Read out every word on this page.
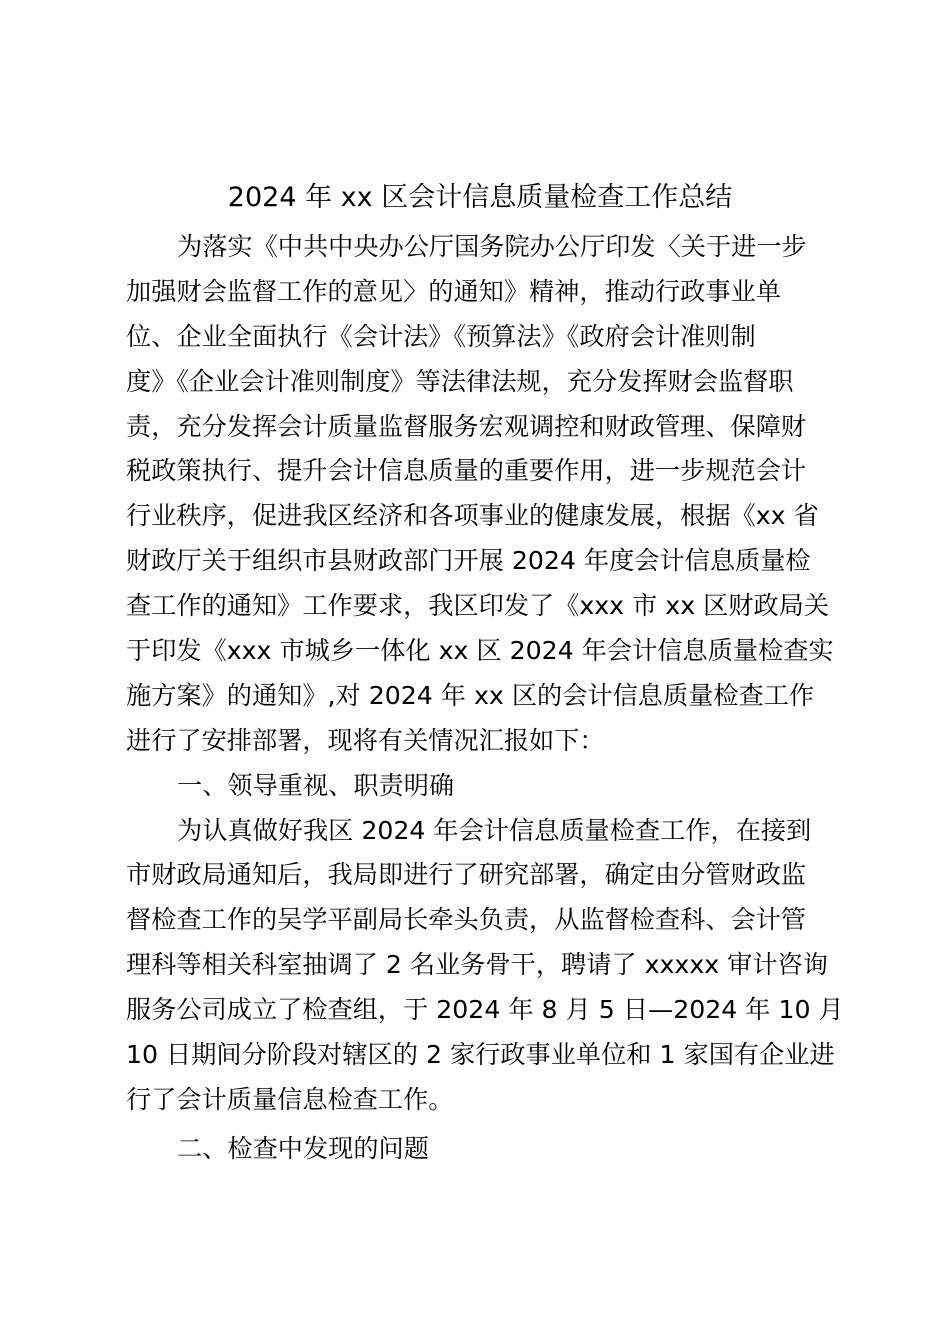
2024 年 xx 区会计信息质量检查工作总结
为落实《中共中央办公厅国务院办公厅印发〈关于进一步
加强财会监督工作的意见〉的通知》精神，推动行政事业单
位、企业全面执行《会计法》《预算法》《政府会计准则制
度》《企业会计准则制度》等法律法规，充分发挥财会监督职
责，充分发挥会计质量监督服务宏观调控和财政管理、保障财
税政策执行、提升会计信息质量的重要作用，进一步规范会计
行业秩序，促进我区经济和各项事业的健康发展，根据《xx 省
财政厅关于组织市县财政部门开展 2024 年度会计信息质量检
查工作的通知》工作要求，我区印发了《xxx 市 xx 区财政局关
于印发《xxx 市城乡一体化 xx 区 2024 年会计信息质量检查实
施方案》的通知》,对 2024 年 xx 区的会计信息质量检查工作
进行了安排部署，现将有关情况汇报如下：
一、领导重视、职责明确
为认真做好我区 2024 年会计信息质量检查工作，在接到
市财政局通知后，我局即进行了研究部署，确定由分管财政监
督检查工作的吴学平副局长牵头负责，从监督检查科、会计管
理科等相关科室抽调了 2 名业务骨干，聘请了 xxxxx 审计咨询
服务公司成立了检查组，于 2024 年 8 月 5 日—2024 年 10 月
10 日期间分阶段对辖区的 2 家行政事业单位和 1 家国有企业进
行了会计质量信息检查工作。
二、检查中发现的问题
